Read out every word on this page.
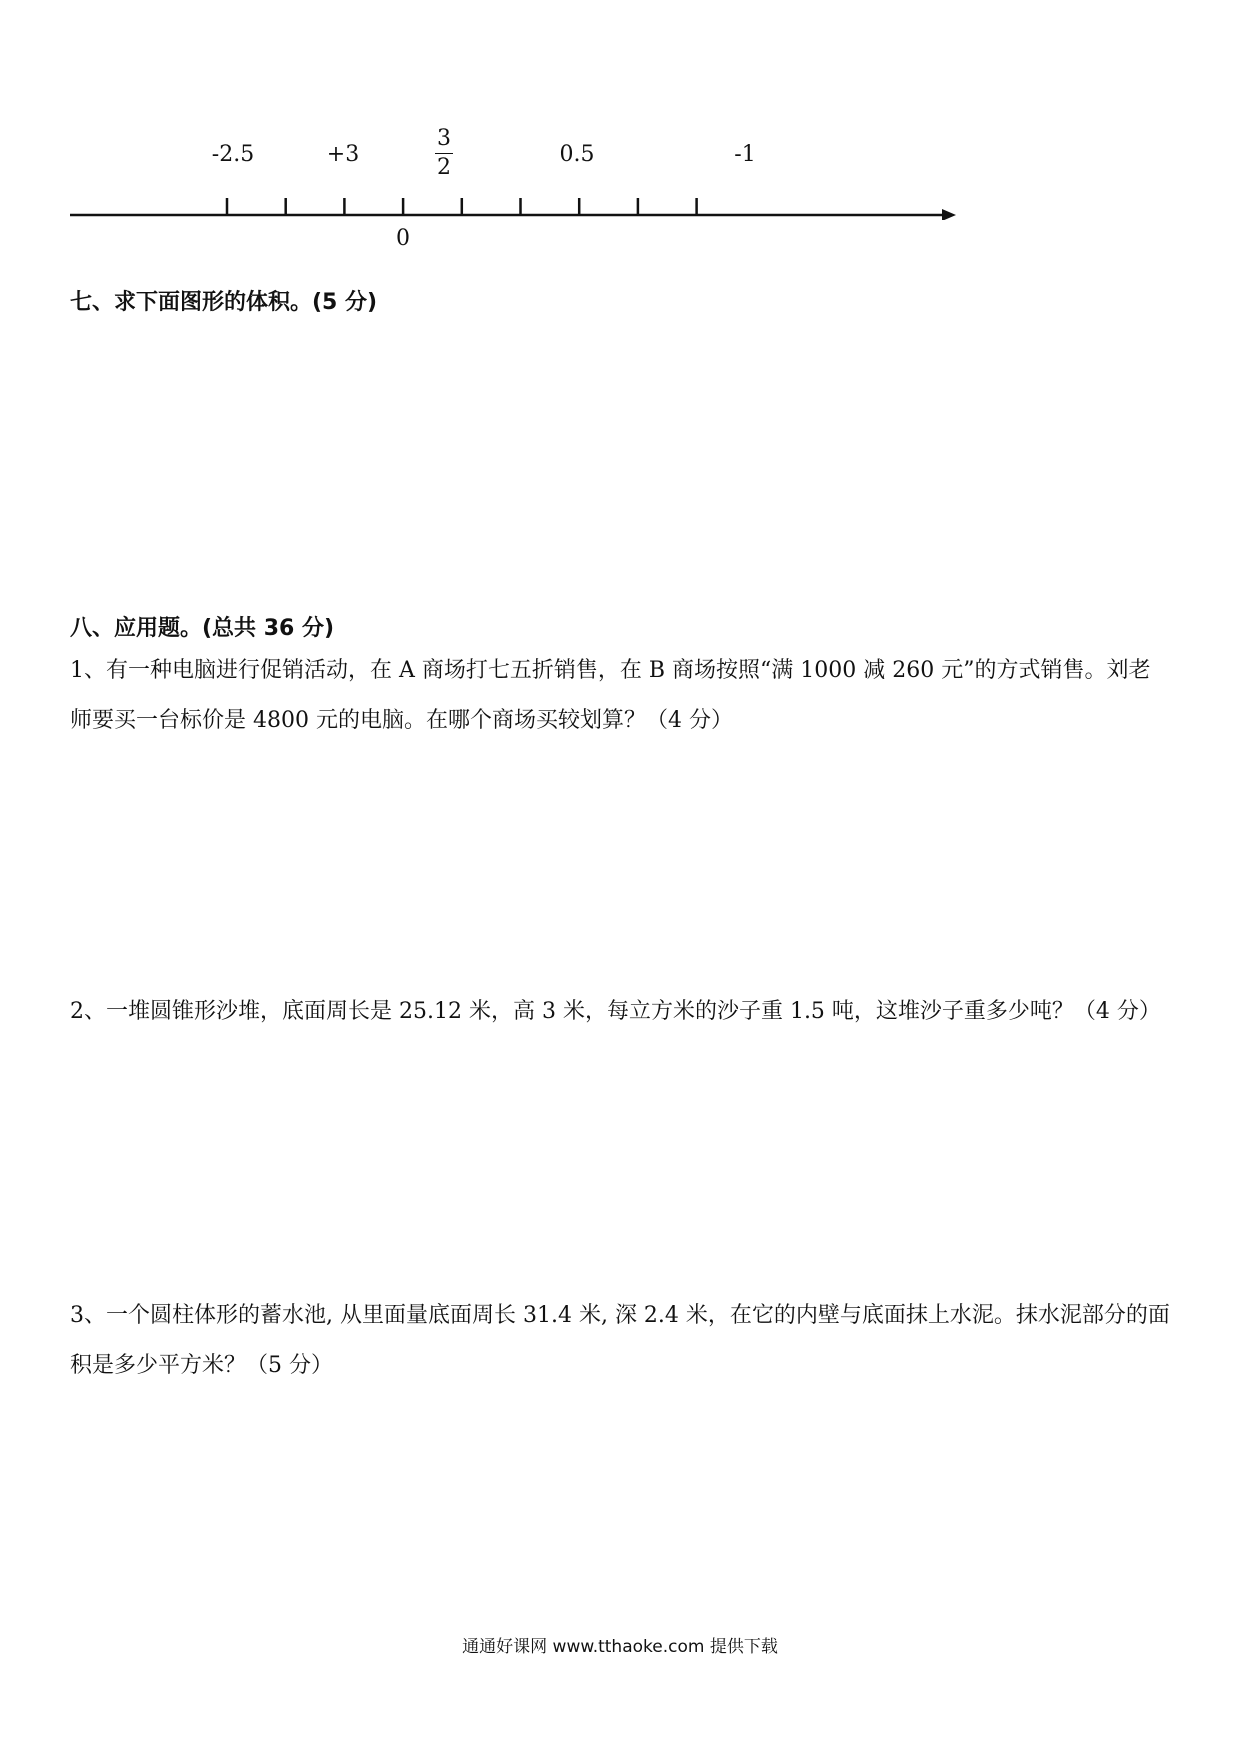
-2.5	+3
3
2
0.5	-1
0
七、求下面图形的体积。(5 分)
八、应用题。(总共 36 分)
1、有一种电脑进行促销活动，在 A 商场打七五折销售，在 B 商场按照“满 1000 减 260 元”的方式销售。刘老师要买一台标价是 4800 元的电脑。在哪个商场买较划算？（4 分）
2、一堆圆锥形沙堆，底面周长是 25.12 米，高 3 米，每立方米的沙子重 1.5 吨，这堆沙子重多少吨？（4 分）
3、一个圆柱体形的蓄水池, 从里面量底面周长 31.4 米, 深 2.4 米，在它的内壁与底面抹上水泥。抹水泥部分的面积是多少平方米？（5 分）
通通好课网 www.tthaoke.com 提供下载
